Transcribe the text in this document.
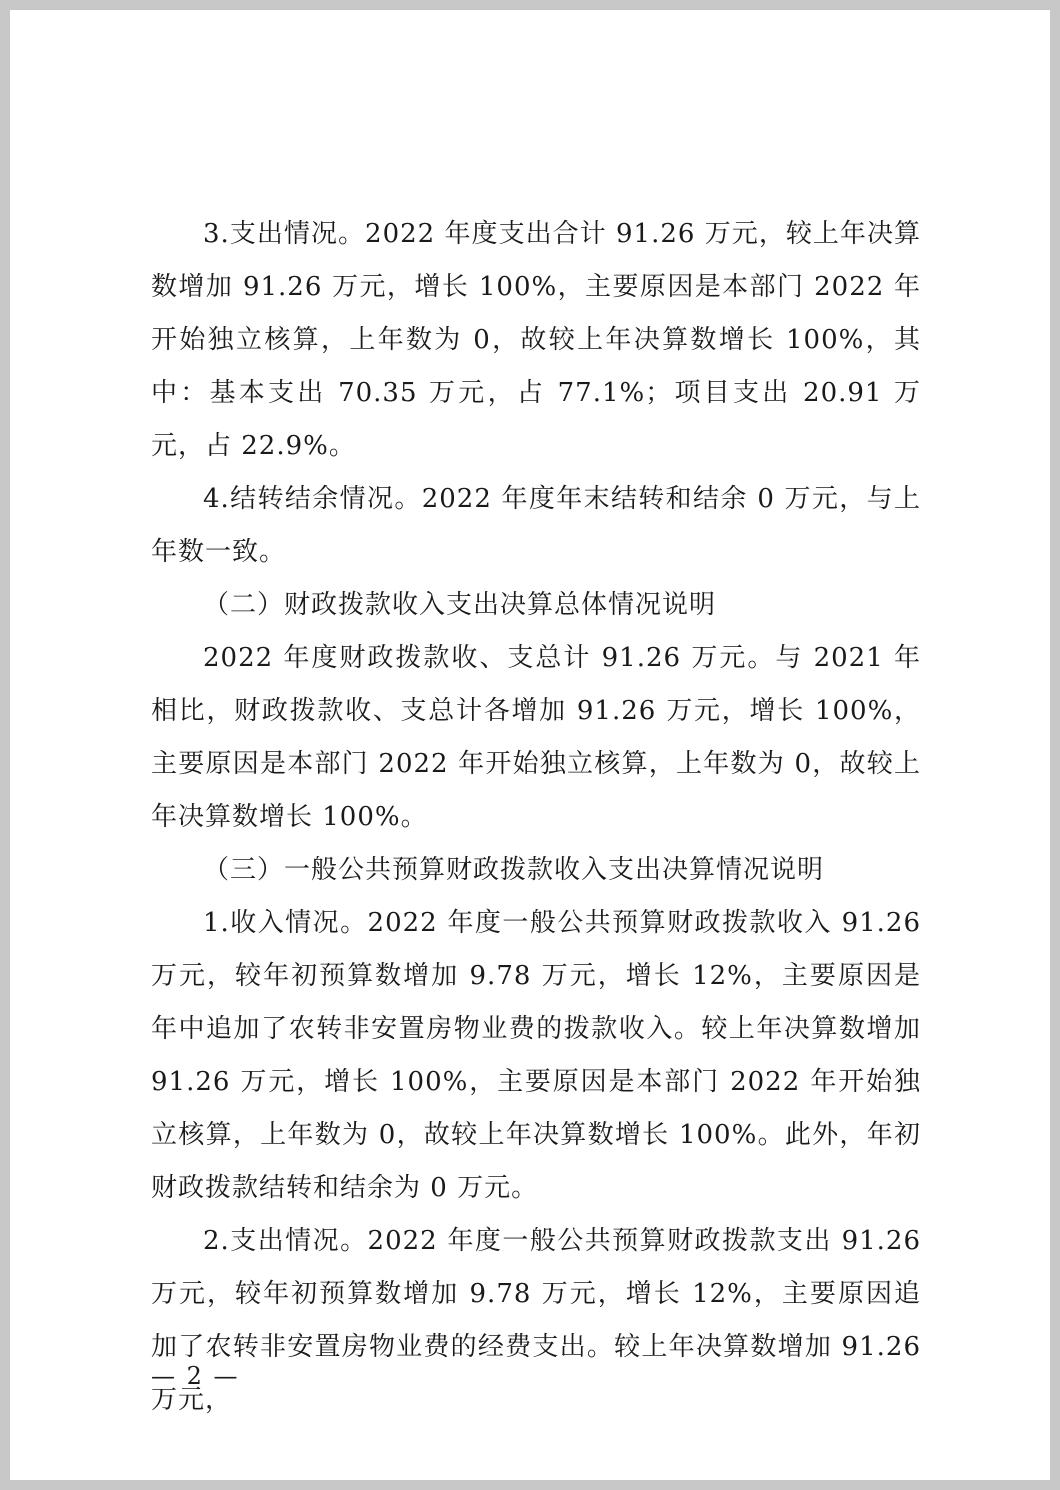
3.支出情况。2022 年度支出合计 91.26 万元，较上年决算数增加 91.26 万元，增长 100%，主要原因是本部门 2022 年开始独立核算，上年数为 0，故较上年决算数增长 100%，其中：基本支出 70.35 万元，占 77.1%；项目支出 20.91 万元，占 22.9%。

4.结转结余情况。2022 年度年末结转和结余 0 万元，与上年数一致。

（二）财政拨款收入支出决算总体情况说明

2022 年度财政拨款收、支总计 91.26 万元。与 2021 年相比，财政拨款收、支总计各增加 91.26 万元，增长 100%，主要原因是本部门 2022 年开始独立核算，上年数为 0，故较上年决算数增长 100%。

（三）一般公共预算财政拨款收入支出决算情况说明

1.收入情况。2022 年度一般公共预算财政拨款收入 91.26 万元，较年初预算数增加 9.78 万元，增长 12%，主要原因是年中追加了农转非安置房物业费的拨款收入。较上年决算数增加 91.26 万元，增长 100%，主要原因是本部门 2022 年开始独立核算，上年数为 0，故较上年决算数增长 100%。此外，年初财政拨款结转和结余为 0 万元。

2.支出情况。2022 年度一般公共预算财政拨款支出 91.26 万元，较年初预算数增加 9.78 万元，增长 12%，主要原因追加了农转非安置房物业费的经费支出。较上年决算数增加 91.26 万元，

— 2 —
